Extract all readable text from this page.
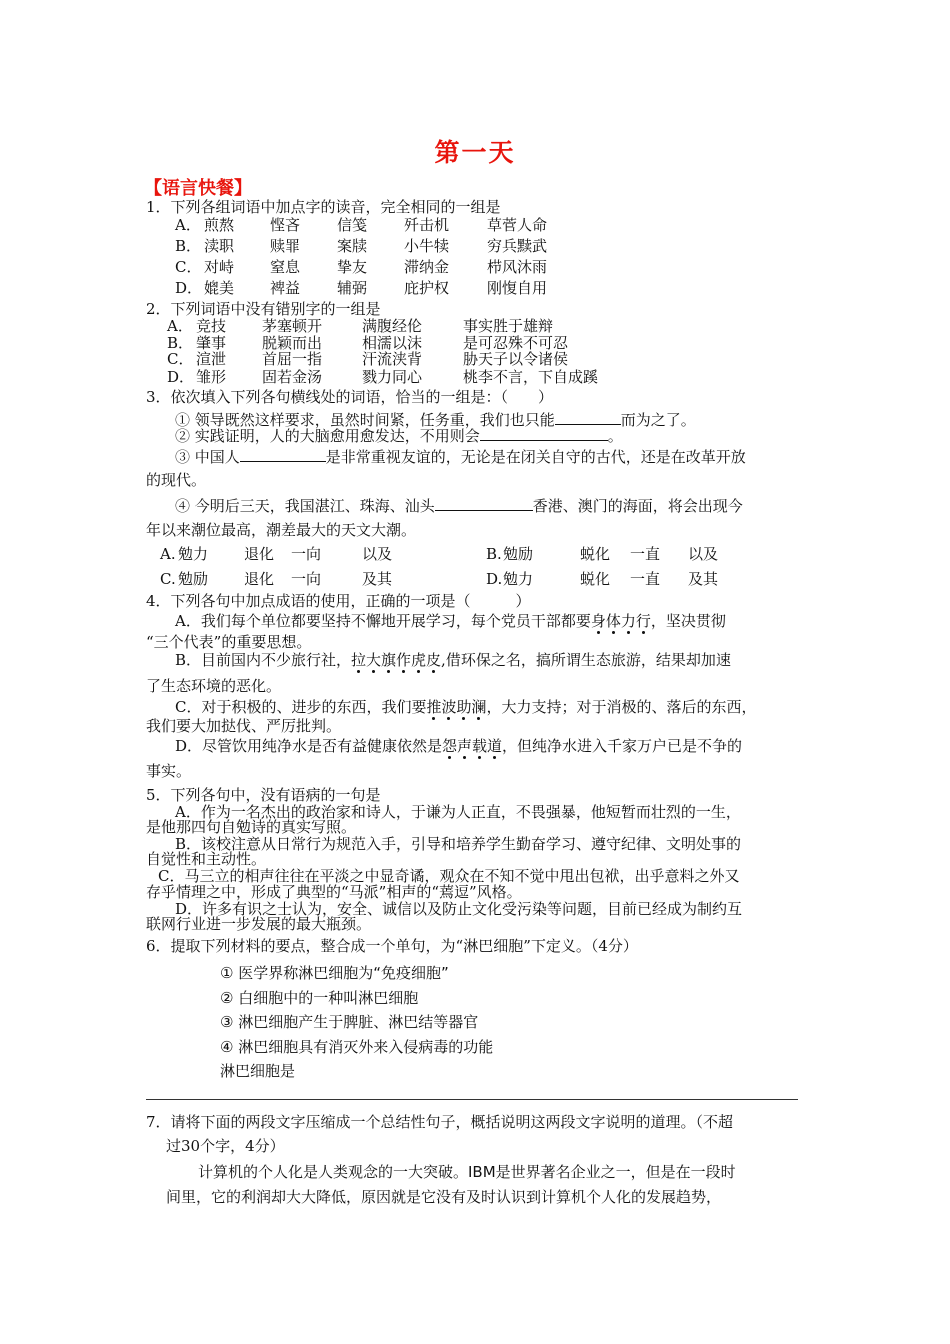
第一天
【语言快餐】
1．下列各组词语中加点字的读音，完全相同的一组是
A． 煎熬 悭吝 信笺 歼击机	草菅人命
B． 渎职 赎罪 案牍 小牛犊	穷兵黩武
C． 对峙 窒息 挚友 滞纳金	栉风沐雨
D． 媲美 裨益 辅弼 庇护权	刚愎自用
2．下列词语中没有错别字的一组是
A． 竞技 茅塞顿开	满腹经伦	事实胜于雄辩
B． 肇事 脱颖而出	相濡以沫	是可忍殊不可忍
C． 渲泄 首屈一指	汗流浃背	胁天子以令诸侯
D． 雏形 固若金汤	戮力同心	桃李不言，下自成蹊
3．依次填入下列各句横线处的词语，恰当的一组是：（　　）
① 领导既然这样要求，虽然时间紧，任务重，我们也只能	而为之了。
② 实践证明，人的大脑愈用愈发达，不用则会	。
③ 中国人	是非常重视友谊的，无论是在闭关自守的古代，还是在改革开放
的现代。
④ 今明后三天，我国湛江、珠海、汕头	香港、澳门的海面，将会出现今
年以来潮位最高，潮差最大的天文大潮。
A. 勉力 退化 一向	以及	B. 勉励	蜕化 一直 以及
C. 勉励 退化 一向	及其	D. 勉力	蜕化 一直 及其
4．下列各句中加点成语的使用，正确的一项是（　　　）
A．我们每个单位都要坚持不懈地开展学习，每个党员干部都要身体力行
，坚决贯彻
“三个代表”的重要思想。
B．目前国内不少旅行社，拉大旗作虎皮
,借环保之名，搞所谓生态旅游，结果却加速
了生态环境的恶化。
C．对于积极的、进步的东西，我们要推波助澜
，大力支持；对于消极的、落后的东西，
我们要大加挞伐、严厉批判。
D．尽管饮用纯净水是否有益健康依然是怨声载道
，但纯净水进入千家万户已是不争的
事实。
5．下列各句中，没有语病的一句是
A．作为一名杰出的政治家和诗人，于谦为人正直，不畏强暴，他短暂而壮烈的一生，
是他那四句自勉诗的真实写照。
B．该校注意从日常行为规范入手，引导和培养学生勤奋学习、遵守纪律、文明处事的
自觉性和主动性。
C．马三立的相声往往在平淡之中显奇谲，观众在不知不觉中甩出包袱，出乎意料之外又
存乎情理之中，形成了典型的“马派”相声的“蔫逗”风格。
D．许多有识之士认为，安全、诚信以及防止文化受污染等问题，目前已经成为制约互
联网行业进一步发展的最大瓶颈。
6．提取下列材料的要点，整合成一个单句，为“淋巴细胞”下定义。（4分）
① 医学界称淋巴细胞为“免疫细胞”
② 白细胞中的一种叫淋巴细胞
③ 淋巴细胞产生于脾脏、淋巴结等器官
④ 淋巴细胞具有消灭外来入侵病毒的功能
淋巴细胞是
7．请将下面的两段文字压缩成一个总结性句子，概括说明这两段文字说明的道理。（不超
过30个字，4分）
计算机的个人化是人类观念的一大突破。IBM是世界著名企业之一，但是在一段时
间里，它的利润却大大降低，原因就是它没有及时认识到计算机个人化的发展趋势，
